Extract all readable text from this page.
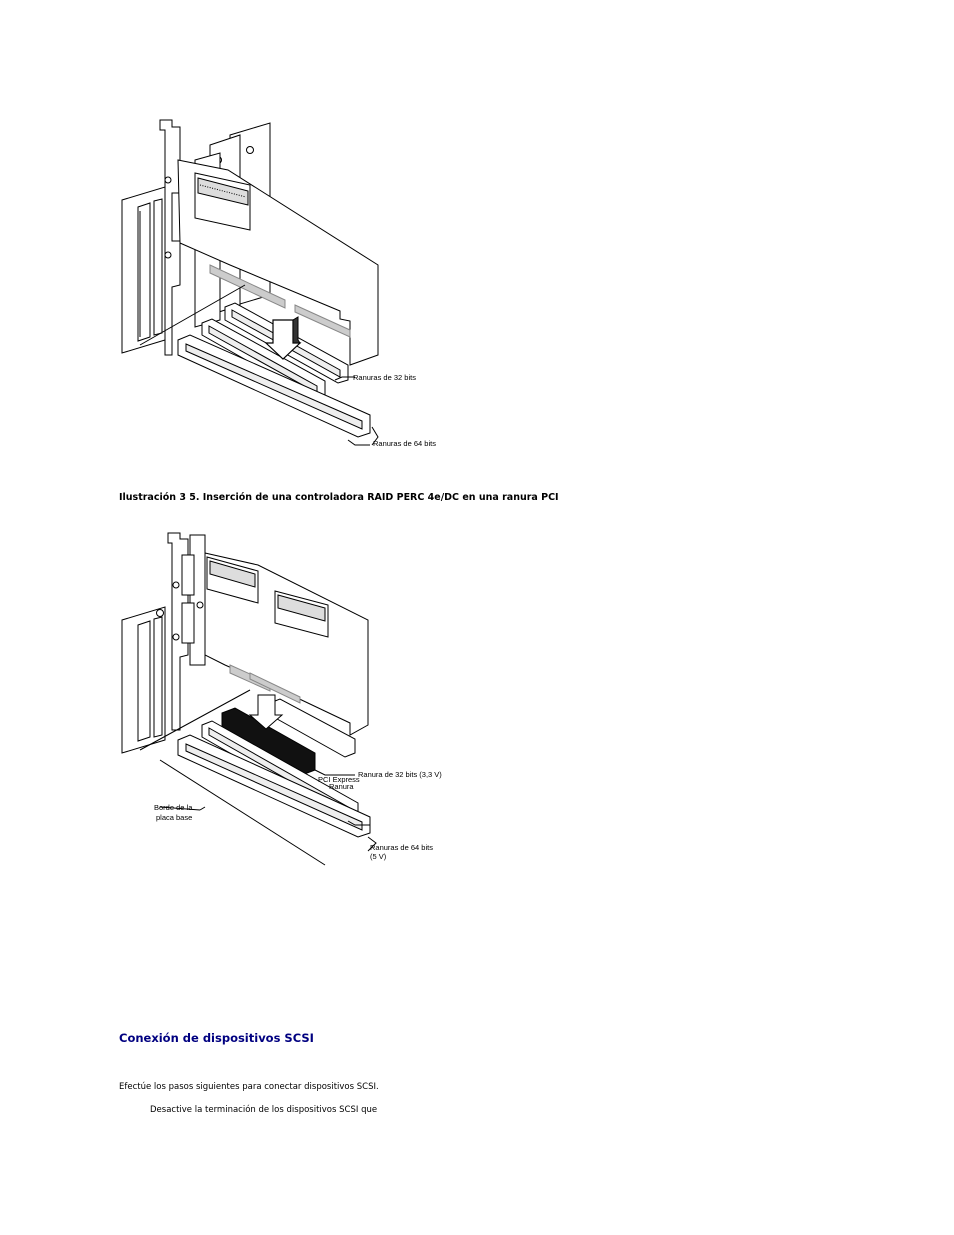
Ranuras de 32 bits
Ranuras de 64 bits
Ilustración 3 5. Inserción de una controladora RAID PERC 4e/DC en una ranura PCI
Ranura de 32 bits (3,3 V)
PCI Express
Ranura
Borde de la
placa base
Ranuras de 64 bits
(5 V)
Conexión de dispositivos SCSI

Efectúe los pasos siguientes para conectar dispositivos SCSI.

Desactive la terminación de los dispositivos SCSI que
